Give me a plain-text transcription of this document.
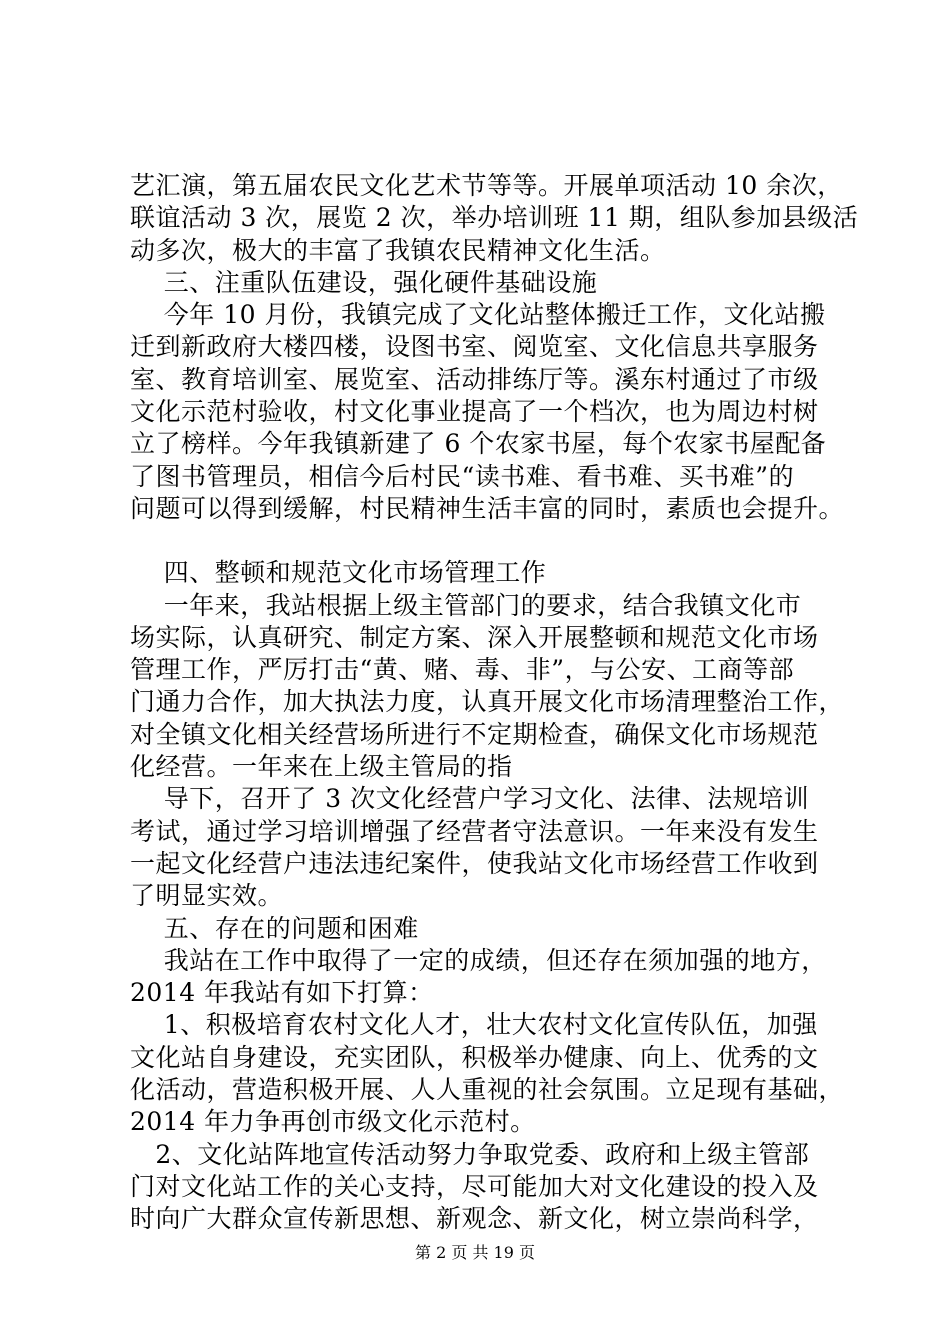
艺汇演，第五届农民文化艺术节等等。开展单项活动 10 余次，
联谊活动 3 次，展览 2 次，举办培训班 11 期，组队参加县级活
动多次，极大的丰富了我镇农民精神文化生活。
三、注重队伍建设，强化硬件基础设施
今年 10 月份，我镇完成了文化站整体搬迁工作，文化站搬
迁到新政府大楼四楼，设图书室、阅览室、文化信息共享服务
室、教育培训室、展览室、活动排练厅等。溪东村通过了市级
文化示范村验收，村文化事业提高了一个档次，也为周边村树
立了榜样。今年我镇新建了 6 个农家书屋，每个农家书屋配备
了图书管理员，相信今后村民“读书难、看书难、买书难”的
问题可以得到缓解，村民精神生活丰富的同时，素质也会提升。
四、整顿和规范文化市场管理工作
一年来，我站根据上级主管部门的要求，结合我镇文化市
场实际，认真研究、制定方案、深入开展整顿和规范文化市场
管理工作，严厉打击“黄、赌、毒、非”，与公安、工商等部
门通力合作，加大执法力度，认真开展文化市场清理整治工作，
对全镇文化相关经营场所进行不定期检查，确保文化市场规范
化经营。一年来在上级主管局的指
导下，召开了 3 次文化经营户学习文化、法律、法规培训
考试，通过学习培训增强了经营者守法意识。一年来没有发生
一起文化经营户违法违纪案件，使我站文化市场经营工作收到
了明显实效。
五、存在的问题和困难
我站在工作中取得了一定的成绩，但还存在须加强的地方，
2014 年我站有如下打算：
1、积极培育农村文化人才，壮大农村文化宣传队伍，加强
文化站自身建设，充实团队，积极举办健康、向上、优秀的文
化活动，营造积极开展、人人重视的社会氛围。立足现有基础，
2014 年力争再创市级文化示范村。
2、文化站阵地宣传活动努力争取党委、政府和上级主管部
门对文化站工作的关心支持，尽可能加大对文化建设的投入及
时向广大群众宣传新思想、新观念、新文化，树立崇尚科学，
第 2 页 共 19 页
